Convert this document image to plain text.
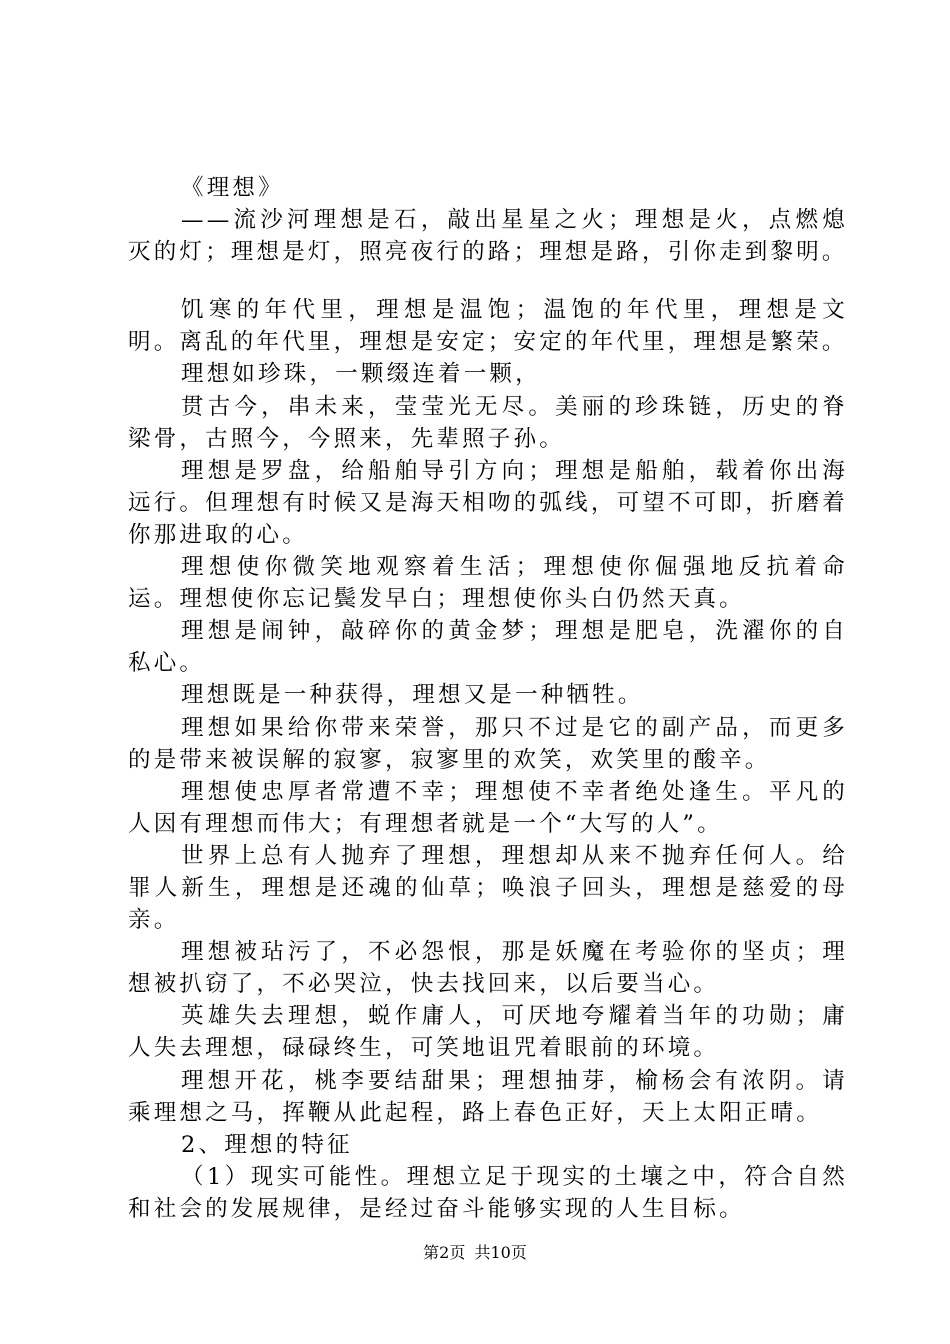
《理想》

——流沙河理想是石，敲出星星之火；理想是火，点燃熄灭的灯；理想是灯，照亮夜行的路；理想是路，引你走到黎明。

饥寒的年代里，理想是温饱；温饱的年代里，理想是文明。离乱的年代里，理想是安定；安定的年代里，理想是繁荣。

理想如珍珠，一颗缀连着一颗，

贯古今，串未来，莹莹光无尽。美丽的珍珠链，历史的脊梁骨，古照今，今照来，先辈照子孙。

理想是罗盘，给船舶导引方向；理想是船舶，载着你出海远行。但理想有时候又是海天相吻的弧线，可望不可即，折磨着你那进取的心。

理想使你微笑地观察着生活；理想使你倔强地反抗着命运。理想使你忘记鬓发早白；理想使你头白仍然天真。

理想是闹钟，敲碎你的黄金梦；理想是肥皂，洗濯你的自私心。

理想既是一种获得，理想又是一种牺牲。

理想如果给你带来荣誉，那只不过是它的副产品，而更多的是带来被误解的寂寥，寂寥里的欢笑，欢笑里的酸辛。

理想使忠厚者常遭不幸；理想使不幸者绝处逢生。平凡的人因有理想而伟大；有理想者就是一个“大写的人”。

世界上总有人抛弃了理想，理想却从来不抛弃任何人。给罪人新生，理想是还魂的仙草；唤浪子回头，理想是慈爱的母亲。

理想被玷污了，不必怨恨，那是妖魔在考验你的坚贞；理想被扒窃了，不必哭泣，快去找回来，以后要当心。

英雄失去理想，蜕作庸人，可厌地夸耀着当年的功勋；庸人失去理想，碌碌终生，可笑地诅咒着眼前的环境。

理想开花，桃李要结甜果；理想抽芽，榆杨会有浓阴。请乘理想之马，挥鞭从此起程，路上春色正好，天上太阳正晴。

2、理想的特征

（1）现实可能性。理想立足于现实的土壤之中，符合自然和社会的发展规律，是经过奋斗能够实现的人生目标。

第2页 共10页
